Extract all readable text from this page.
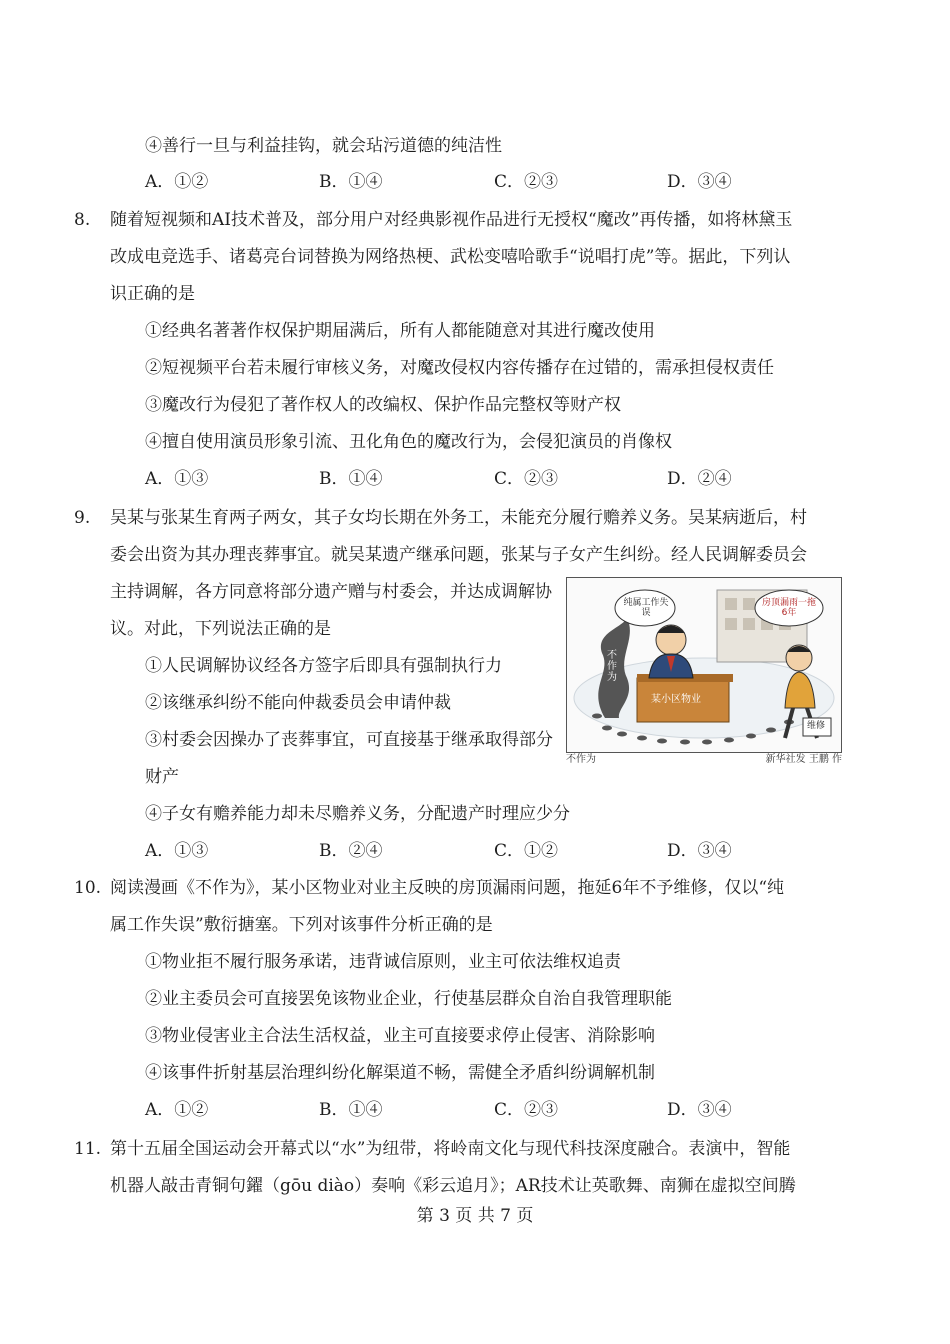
④善行一旦与利益挂钩，就会玷污道德的纯洁性
A．①②	B．①④	C．②③	D．③④
8. 随着短视频和AI技术普及，部分用户对经典影视作品进行无授权“魔改”再传播，如将林黛玉
改成电竞选手、诸葛亮台词替换为网络热梗、武松变嘻哈歌手“说唱打虎”等。据此，下列认
识正确的是
①经典名著著作权保护期届满后，所有人都能随意对其进行魔改使用
②短视频平台若未履行审核义务，对魔改侵权内容传播存在过错的，需承担侵权责任
③魔改行为侵犯了著作权人的改编权、保护作品完整权等财产权
④擅自使用演员形象引流、丑化角色的魔改行为，会侵犯演员的肖像权
A．①③	B．①④	C．②③	D．②④
9. 吴某与张某生育两子两女，其子女均长期在外务工，未能充分履行赡养义务。吴某病逝后，村
委会出资为其办理丧葬事宜。就吴某遗产继承问题，张某与子女产生纠纷。经人民调解委员会
主持调解，各方同意将部分遗产赠与村委会，并达成调解协
议。对此，下列说法正确的是
①人民调解协议经各方签字后即具有强制执行力
②该继承纠纷不能向仲裁委员会申请仲裁
③村委会因操办了丧葬事宜，可直接基于继承取得部分
财产
④子女有赡养能力却未尽赡养义务，分配遗产时理应少分
A．①③	B．②④	C．①②	D．③④
纯属工作失误
房顶漏雨一拖6年
某小区物业
不作为
维修
不作为	新华社发 王鹏 作
10. 阅读漫画《不作为》，某小区物业对业主反映的房顶漏雨问题，拖延6年不予维修，仅以“纯
属工作失误”敷衍搪塞。下列对该事件分析正确的是
①物业拒不履行服务承诺，违背诚信原则，业主可依法维权追责
②业主委员会可直接罢免该物业企业，行使基层群众自治自我管理职能
③物业侵害业主合法生活权益，业主可直接要求停止侵害、消除影响
④该事件折射基层治理纠纷化解渠道不畅，需健全矛盾纠纷调解机制
A．①②	B．①④	C．②③	D．③④
11. 第十五届全国运动会开幕式以“水”为纽带，将岭南文化与现代科技深度融合。表演中，智能
机器人敲击青铜句鑃（gōu diào）奏响《彩云追月》；AR技术让英歌舞、南狮在虚拟空间腾
第 3 页 共 7 页
